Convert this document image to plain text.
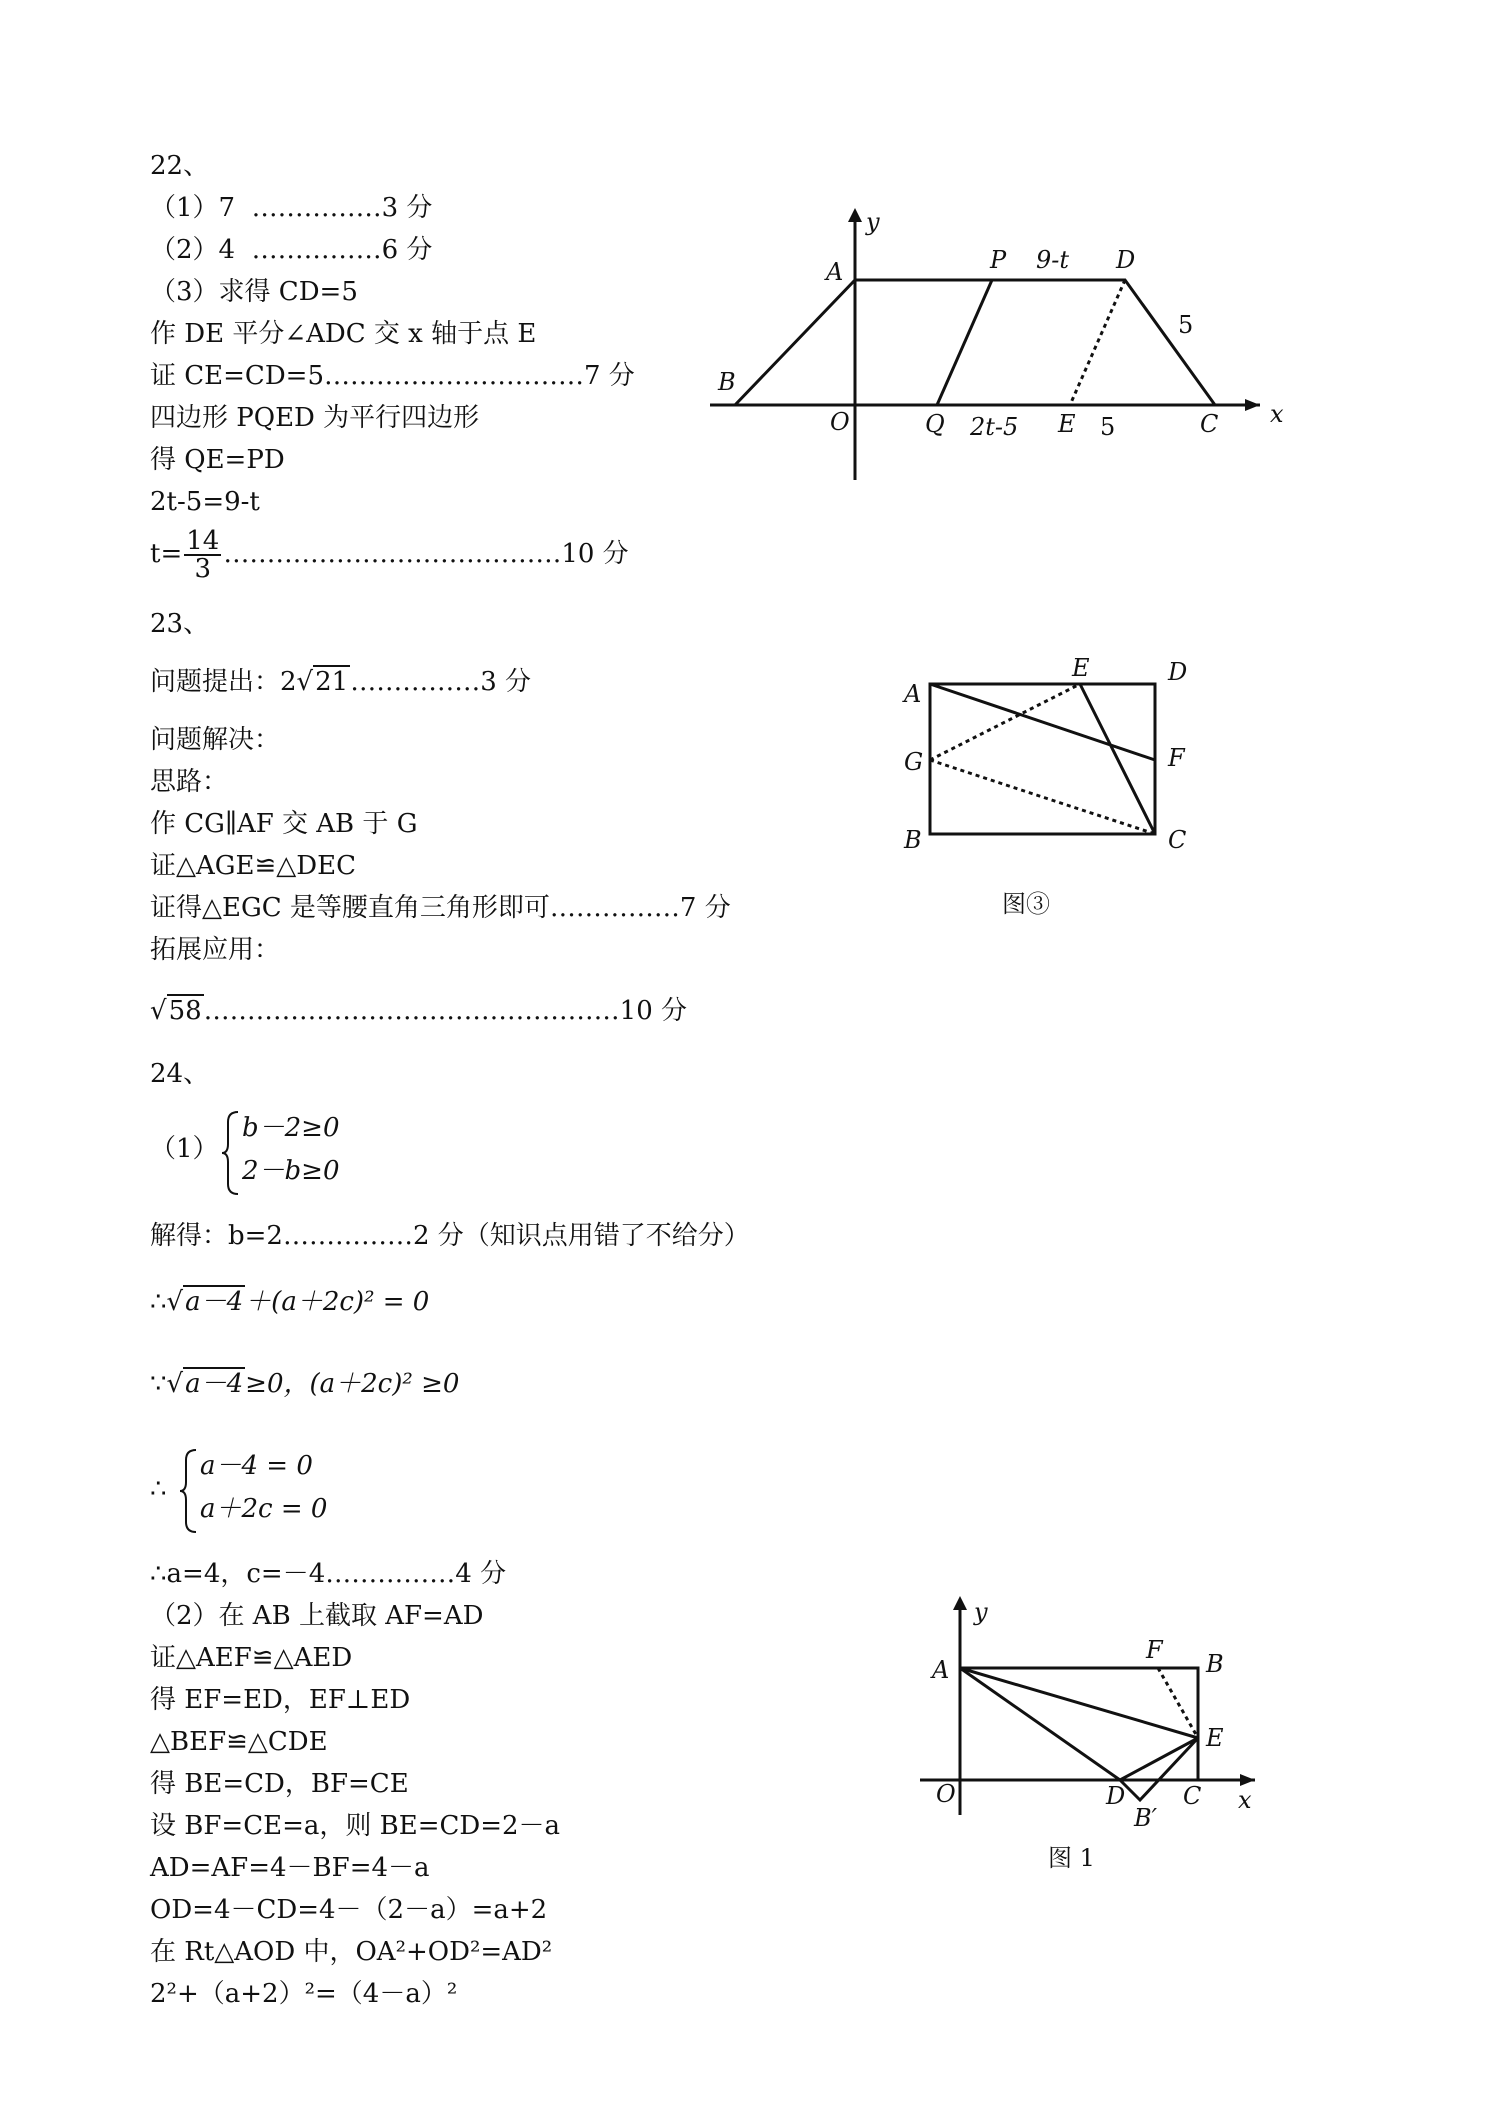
22、
（1）7 ……………3 分
（2）4 ……………6 分
（3）求得 CD=5
作 DE 平分∠ADC 交 x 轴于点 E
证 CE=CD=5…………………………7 分
四边形 PQED 为平行四边形
得 QE=PD
2t-5=9-t
$t= \frac{14}{3}$ …………………………………10 分
y
x
A	P 9-t D
5
B
O	Q 2t-5 E 5	C
23、
问题提出：2√21……………3 分
问题解决：
思路：
作 CG∥AF 交 AB 于 G
证△AGE≌△DEC
证得△EGC 是等腰直角三角形即可……………7 分
拓展应用：
√58…………………………………………10 分
A
E	D
G	F
B	C
图③
24、
（1）
b－2≥0
2－b≥0
解得：b=2……………2 分（知识点用错了不给分）
∴√a－4＋(a＋2c)² = 0
∵√a－4≥0，(a＋2c)² ≥0
∴
a－4 = 0
a＋2c = 0
∴a=4，c=－4……………4 分
（2）在 AB 上截取 AF=AD
证△AEF≌△AED
得 EF=ED，EF⊥ED
△BEF≌△CDE
得 BE=CD，BF=CE
设 BF=CE=a，则 BE=CD=2－a
AD=AF=4－BF=4－a
OD=4－CD=4－（2－a）=a+2
在 Rt△AOD 中，OA²+OD²=AD²
2²+（a+2）²=（4－a）²
y
A
F B
E
O	D C x
B′
图 1
